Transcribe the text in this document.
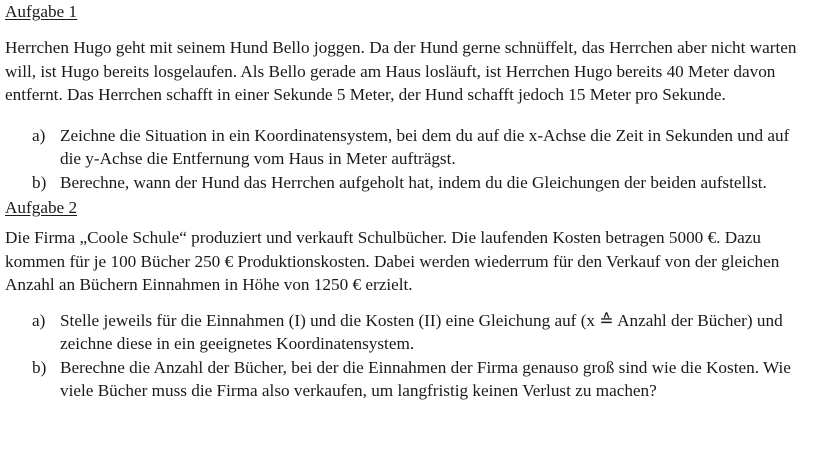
Aufgabe 1

Herrchen Hugo geht mit seinem Hund Bello joggen. Da der Hund gerne schnüffelt, das Herrchen aber nicht warten will, ist Hugo bereits losgelaufen. Als Bello gerade am Haus losläuft, ist Herrchen Hugo bereits 40 Meter davon entfernt. Das Herrchen schafft in einer Sekunde 5 Meter, der Hund schafft jedoch 15 Meter pro Sekunde.

a) Zeichne die Situation in ein Koordinatensystem, bei dem du auf die x-Achse die Zeit in Sekunden und auf die y-Achse die Entfernung vom Haus in Meter aufträgst.
b) Berechne, wann der Hund das Herrchen aufgeholt hat, indem du die Gleichungen der beiden aufstellst.

Aufgabe 2

Die Firma „Coole Schule“ produziert und verkauft Schulbücher. Die laufenden Kosten betragen 5000 €. Dazu kommen für je 100 Bücher 250 € Produktionskosten. Dabei werden wiederrum für den Verkauf von der gleichen Anzahl an Büchern Einnahmen in Höhe von 1250 € erzielt.

a) Stelle jeweils für die Einnahmen (I) und die Kosten (II) eine Gleichung auf (x ≙ Anzahl der Bücher) und zeichne diese in ein geeignetes Koordinatensystem.
b) Berechne die Anzahl der Bücher, bei der die Einnahmen der Firma genauso groß sind wie die Kosten. Wie viele Bücher muss die Firma also verkaufen, um langfristig keinen Verlust zu machen?
